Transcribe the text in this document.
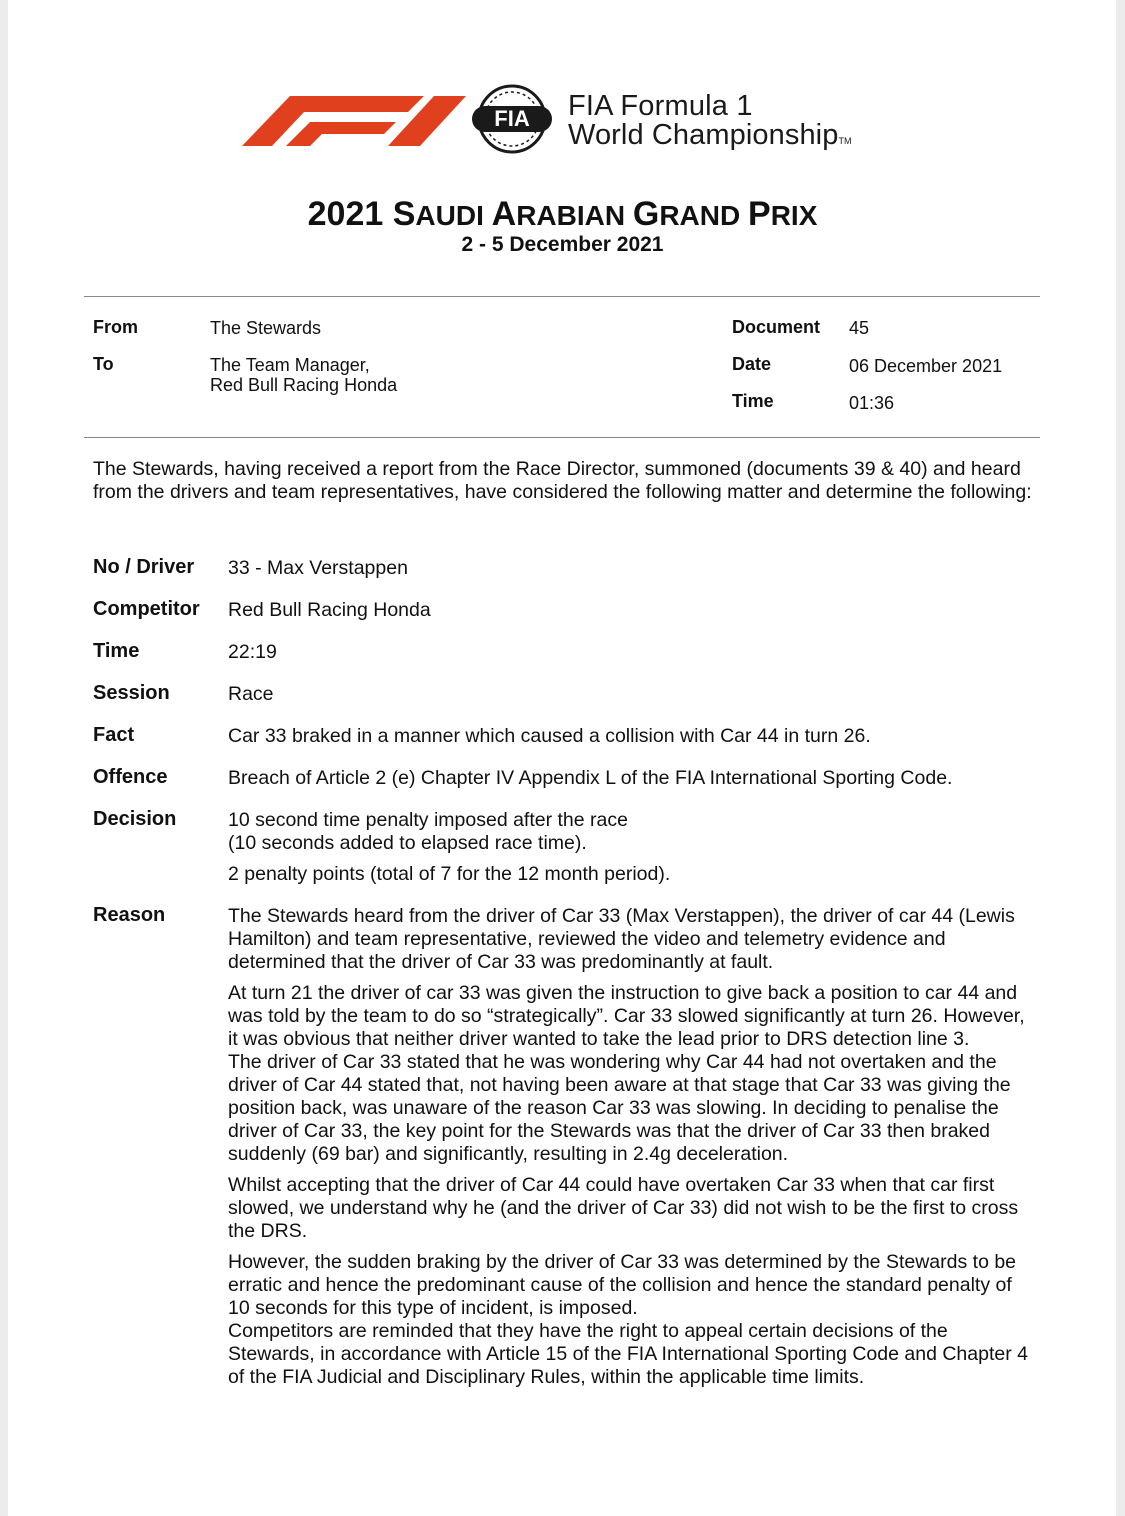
FIA FIA Formula 1
World ChampionshipTM
2021 SAUDI ARABIAN GRAND PRIX
2 - 5 December 2021
From	The Stewards
To	The Team Manager,
Red Bull Racing Honda
Document 45
Date	06 December 2021
Time	01:36
The Stewards, having received a report from the Race Director, summoned (documents 39 & 40) and heard from the drivers and team representatives, have considered the following matter and determine the following:
No / Driver 33 - Max Verstappen
Competitor Red Bull Racing Honda
Time	22:19
Session	Race
Fact	Car 33 braked in a manner which caused a collision with Car 44 in turn 26.
Offence	Breach of Article 2 (e) Chapter IV Appendix L of the FIA International Sporting Code.
Decision	10 second time penalty imposed after the race
(10 seconds added to elapsed race time).
2 penalty points (total of 7 for the 12 month period).
Reason	The Stewards heard from the driver of Car 33 (Max Verstappen), the driver of car 44 (Lewis Hamilton) and team representative, reviewed the video and telemetry evidence and determined that the driver of Car 33 was predominantly at fault.

At turn 21 the driver of car 33 was given the instruction to give back a position to car 44 and was told by the team to do so “strategically”. Car 33 slowed significantly at turn 26. However, it was obvious that neither driver wanted to take the lead prior to DRS detection line 3.

The driver of Car 33 stated that he was wondering why Car 44 had not overtaken and the driver of Car 44 stated that, not having been aware at that stage that Car 33 was giving the position back, was unaware of the reason Car 33 was slowing. In deciding to penalise the driver of Car 33, the key point for the Stewards was that the driver of Car 33 then braked suddenly (69 bar) and significantly, resulting in 2.4g deceleration.

Whilst accepting that the driver of Car 44 could have overtaken Car 33 when that car first slowed, we understand why he (and the driver of Car 33) did not wish to be the first to cross the DRS.

However, the sudden braking by the driver of Car 33 was determined by the Stewards to be erratic and hence the predominant cause of the collision and hence the standard penalty of 10 seconds for this type of incident, is imposed.

Competitors are reminded that they have the right to appeal certain decisions of the Stewards, in accordance with Article 15 of the FIA International Sporting Code and Chapter 4 of the FIA Judicial and Disciplinary Rules, within the applicable time limits.
